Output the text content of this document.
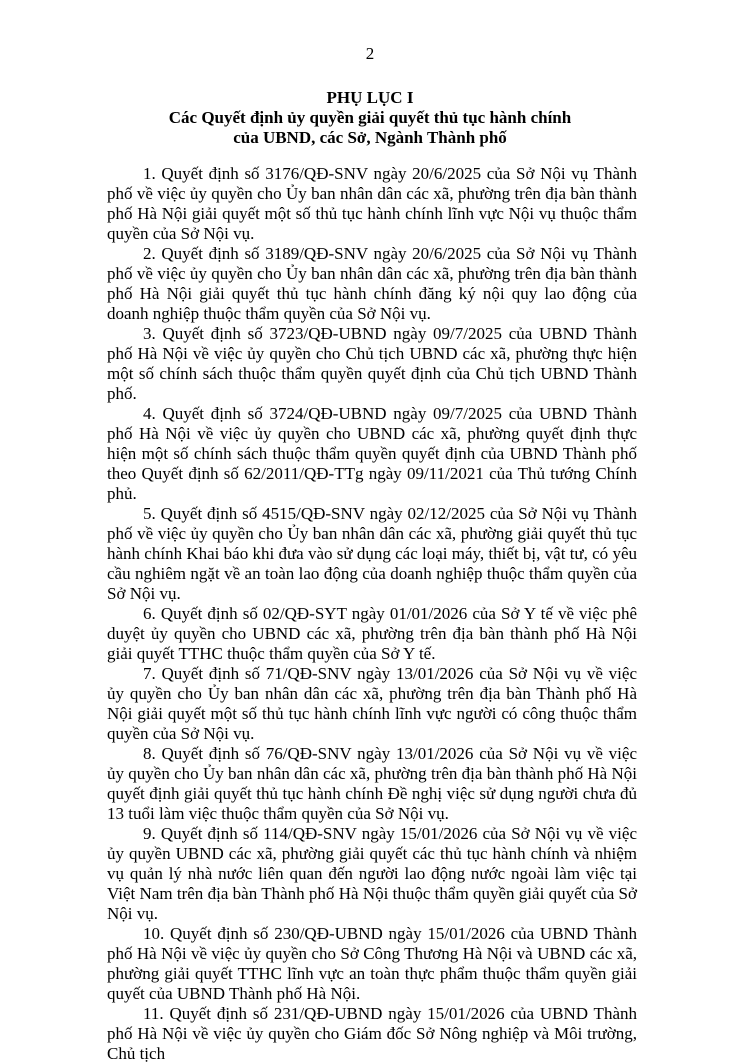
2
PHỤ LỤC I
Các Quyết định ủy quyền giải quyết thủ tục hành chính
của UBND, các Sở, Ngành Thành phố

1. Quyết định số 3176/QĐ-SNV ngày 20/6/2025 của Sở Nội vụ Thành phố về việc ủy quyền cho Ủy ban nhân dân các xã, phường trên địa bàn thành phố Hà Nội giải quyết một số thủ tục hành chính lĩnh vực Nội vụ thuộc thẩm quyền của Sở Nội vụ.

2. Quyết định số 3189/QĐ-SNV ngày 20/6/2025 của Sở Nội vụ Thành phố về việc ủy quyền cho Ủy ban nhân dân các xã, phường trên địa bàn thành phố Hà Nội giải quyết thủ tục hành chính đăng ký nội quy lao động của doanh nghiệp thuộc thẩm quyền của Sở Nội vụ.

3. Quyết định số 3723/QĐ-UBND ngày 09/7/2025 của UBND Thành phố Hà Nội về việc ủy quyền cho Chủ tịch UBND các xã, phường thực hiện một số chính sách thuộc thẩm quyền quyết định của Chủ tịch UBND Thành phố.

4. Quyết định số 3724/QĐ-UBND ngày 09/7/2025 của UBND Thành phố Hà Nội về việc ủy quyền cho UBND các xã, phường quyết định thực hiện một số chính sách thuộc thẩm quyền quyết định của UBND Thành phố theo Quyết định số 62/2011/QĐ-TTg ngày 09/11/2021 của Thủ tướng Chính phủ.

5. Quyết định số 4515/QĐ-SNV ngày 02/12/2025 của Sở Nội vụ Thành phố về việc ủy quyền cho Ủy ban nhân dân các xã, phường giải quyết thủ tục hành chính Khai báo khi đưa vào sử dụng các loại máy, thiết bị, vật tư, có yêu cầu nghiêm ngặt về an toàn lao động của doanh nghiệp thuộc thẩm quyền của Sở Nội vụ.

6. Quyết định số 02/QĐ-SYT ngày 01/01/2026 của Sở Y tế về việc phê duyệt ủy quyền cho UBND các xã, phường trên địa bàn thành phố Hà Nội giải quyết TTHC thuộc thẩm quyền của Sở Y tế.

7. Quyết định số 71/QĐ-SNV ngày 13/01/2026 của Sở Nội vụ về việc ủy quyền cho Ủy ban nhân dân các xã, phường trên địa bàn Thành phố Hà Nội giải quyết một số thủ tục hành chính lĩnh vực người có công thuộc thẩm quyền của Sở Nội vụ.

8. Quyết định số 76/QĐ-SNV ngày 13/01/2026 của Sở Nội vụ về việc ủy quyền cho Ủy ban nhân dân các xã, phường trên địa bàn thành phố Hà Nội quyết định giải quyết thủ tục hành chính Đề nghị việc sử dụng người chưa đủ 13 tuổi làm việc thuộc thẩm quyền của Sở Nội vụ.

9. Quyết định số 114/QĐ-SNV ngày 15/01/2026 của Sở Nội vụ về việc ủy quyền UBND các xã, phường giải quyết các thủ tục hành chính và nhiệm vụ quản lý nhà nước liên quan đến người lao động nước ngoài làm việc tại Việt Nam trên địa bàn Thành phố Hà Nội thuộc thẩm quyền giải quyết của Sở Nội vụ.

10. Quyết định số 230/QĐ-UBND ngày 15/01/2026 của UBND Thành phố Hà Nội về việc ủy quyền cho Sở Công Thương Hà Nội và UBND các xã, phường giải quyết TTHC lĩnh vực an toàn thực phẩm thuộc thẩm quyền giải quyết của UBND Thành phố Hà Nội.

11. Quyết định số 231/QĐ-UBND ngày 15/01/2026 của UBND Thành phố Hà Nội về việc ủy quyền cho Giám đốc Sở Nông nghiệp và Môi trường, Chủ tịch
